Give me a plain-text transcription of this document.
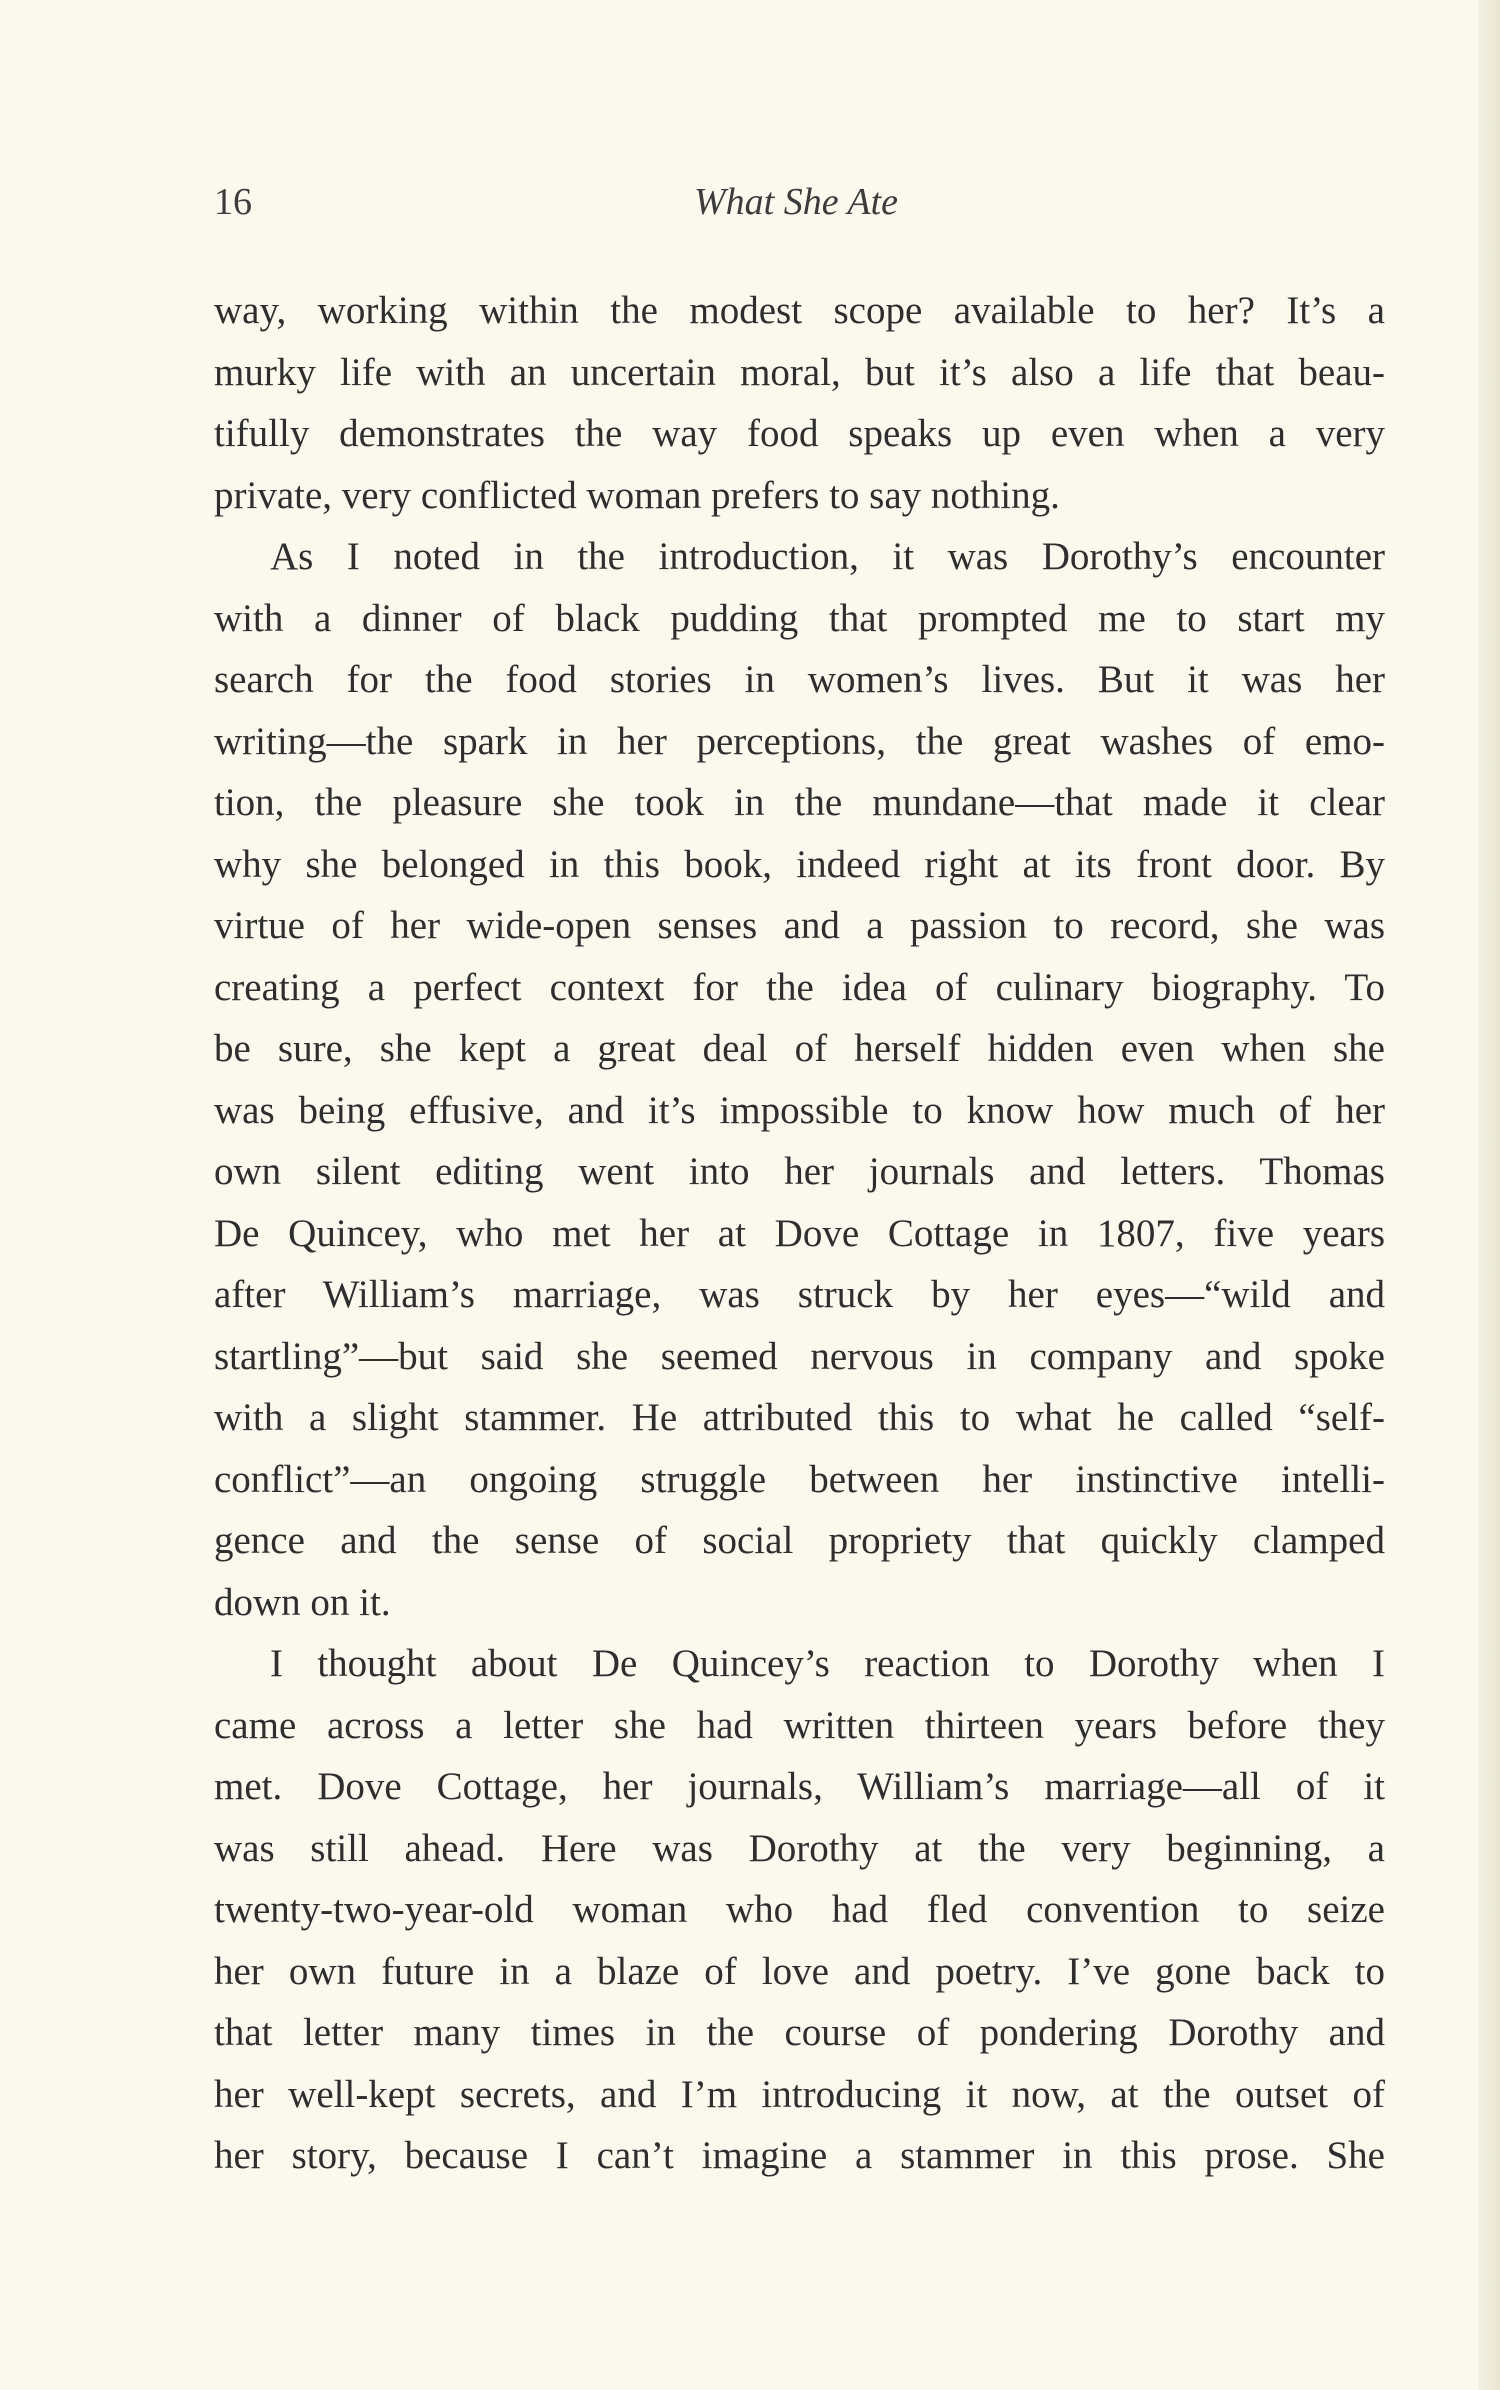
16	What She Ate

way, working within the modest scope available to her? It’s a
murky life with an uncertain moral, but it’s also a life that beau-
tifully demonstrates the way food speaks up even when a very
private, very conflicted woman prefers to say nothing.

As I noted in the introduction, it was Dorothy’s encounter
with a dinner of black pudding that prompted me to start my
search for the food stories in women’s lives. But it was her
writing—the spark in her perceptions, the great washes of emo-
tion, the pleasure she took in the mundane—that made it clear
why she belonged in this book, indeed right at its front door. By
virtue of her wide-open senses and a passion to record, she was
creating a perfect context for the idea of culinary biography. To
be sure, she kept a great deal of herself hidden even when she
was being effusive, and it’s impossible to know how much of her
own silent editing went into her journals and letters. Thomas
De Quincey, who met her at Dove Cottage in 1807, five years
after William’s marriage, was struck by her eyes—“wild and
startling”—but said she seemed nervous in company and spoke
with a slight stammer. He attributed this to what he called “self-
conflict”—an ongoing struggle between her instinctive intelli-
gence and the sense of social propriety that quickly clamped
down on it.

I thought about De Quincey’s reaction to Dorothy when I
came across a letter she had written thirteen years before they
met. Dove Cottage, her journals, William’s marriage—all of it
was still ahead. Here was Dorothy at the very beginning, a
twenty-two-year-old woman who had fled convention to seize
her own future in a blaze of love and poetry. I’ve gone back to
that letter many times in the course of pondering Dorothy and
her well-kept secrets, and I’m introducing it now, at the outset of
her story, because I can’t imagine a stammer in this prose. She
